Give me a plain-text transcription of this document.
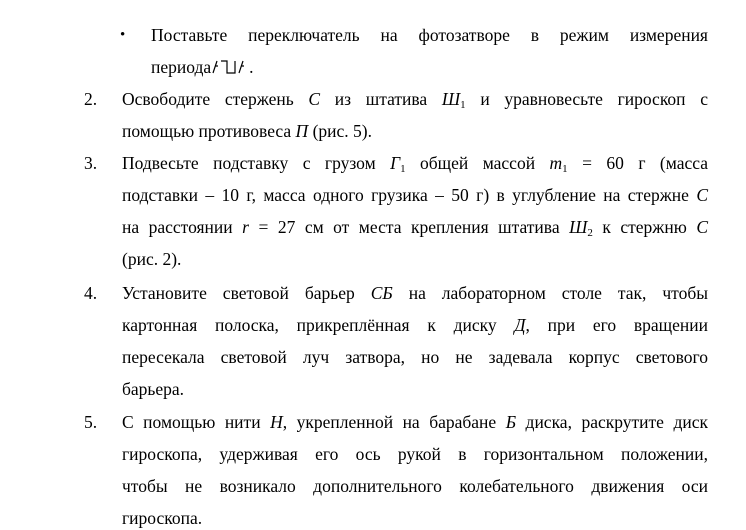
• Поставьте переключатель на фотозатворе в режим измерения
периода .
2.	Освободите стержень С из штатива $Ш_1$ и уравновесьте гироскоп с
помощью противовеса П (рис. 5).
3.	Подвесьте подставку с грузом $Г_1$ общей массой $m_1 = 60$ г (масса
подставки – 10 г, масса одного грузика – 50 г) в углубление на стержне С
на расстоянии r = 27 см от места крепления штатива $Ш_2$ к стержню С
(рис. 2).
4.	Установите световой барьер СБ на лабораторном столе так, чтобы
картонная полоска, прикреплённая к диску Д, при его вращении
пересекала световой луч затвора, но не задевала корпус светового
барьера.
5.	С помощью нити Н, укрепленной на барабане Б диска, раскрутите диск
гироскопа, удерживая его ось рукой в горизонтальном положении,
чтобы не возникало дополнительного колебательного движения оси
гироскопа.
